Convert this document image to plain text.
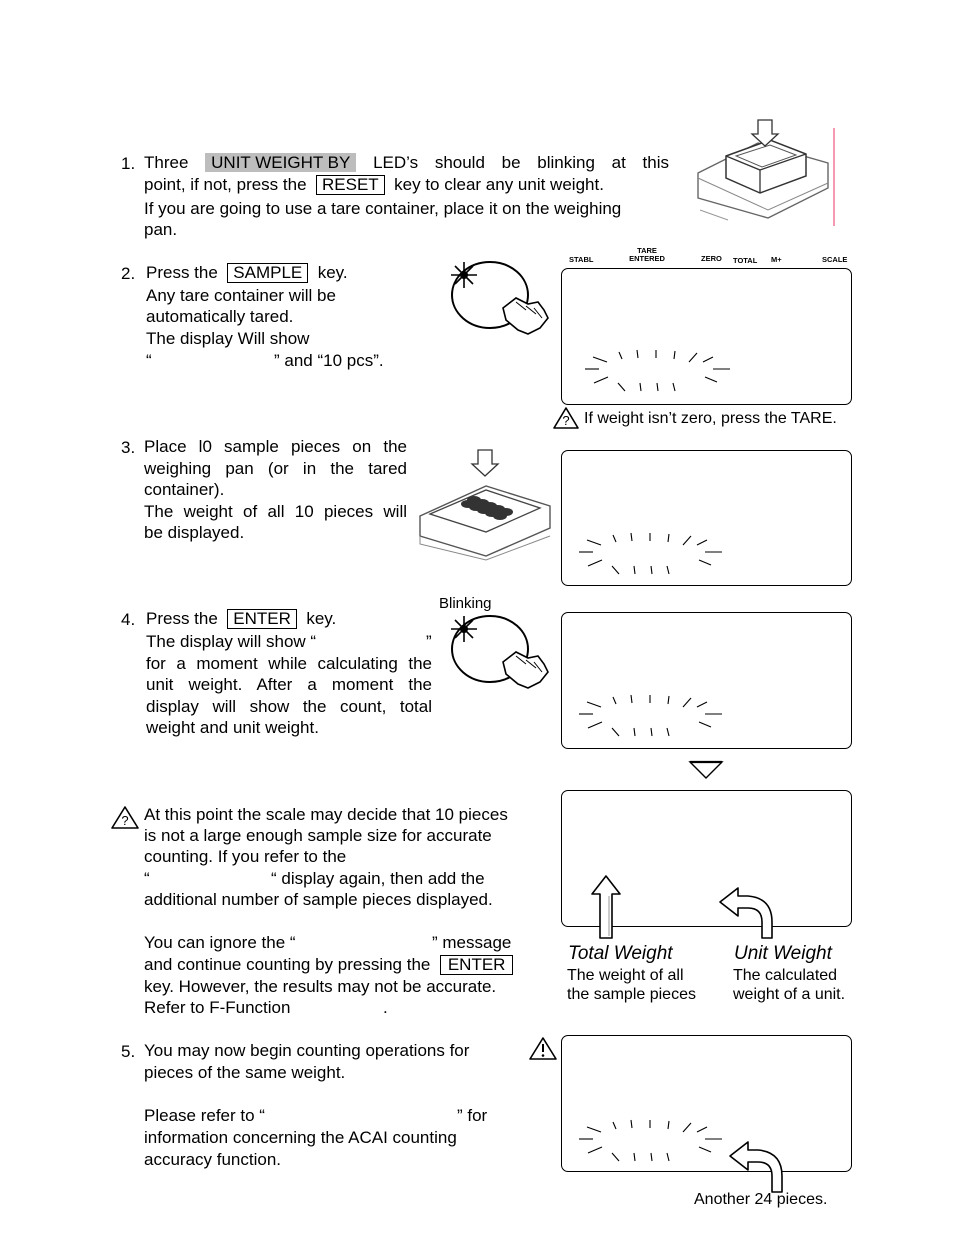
1. Three UNIT WEIGHT BY LED’s should be blinking at this
point, if not, press the RESET key to clear any unit weight.
If you are going to use a tare container, place it on the weighing
pan.
2. Press the SAMPLE key.
Any tare container will be
automatically tared.
The display Will show
“	” and “10 pcs”.
STABL
TARE
ENTERED	ZERO TOTAL M+	SCALE
? If weight isn’t zero, press the TARE.
3. Place l0 sample pieces on the
weighing pan (or in the tared
container).
The weight of all 10 pieces will
be displayed.
Blinking
4. Press the ENTER key.
The display will show “	”
for a moment while calculating the
unit weight. After a moment the
display will show the count, total
weight and unit weight.
? At this point the scale may decide that 10 pieces
is not a large enough sample size for accurate
counting. If you refer to the
“	“ display again, then add the
additional number of sample pieces displayed.
You can ignore the “	” message
and continue counting by pressing the ENTER
key. However, the results may not be accurate.
Refer to F-Function	.
Total Weight
The weight of all
the sample pieces
Unit Weight
The calculated
weight of a unit.
5. You may now begin counting operations for
pieces of the same weight.
Please refer to “	” for
information concerning the ACAI counting
accuracy function.
Another 24 pieces.
